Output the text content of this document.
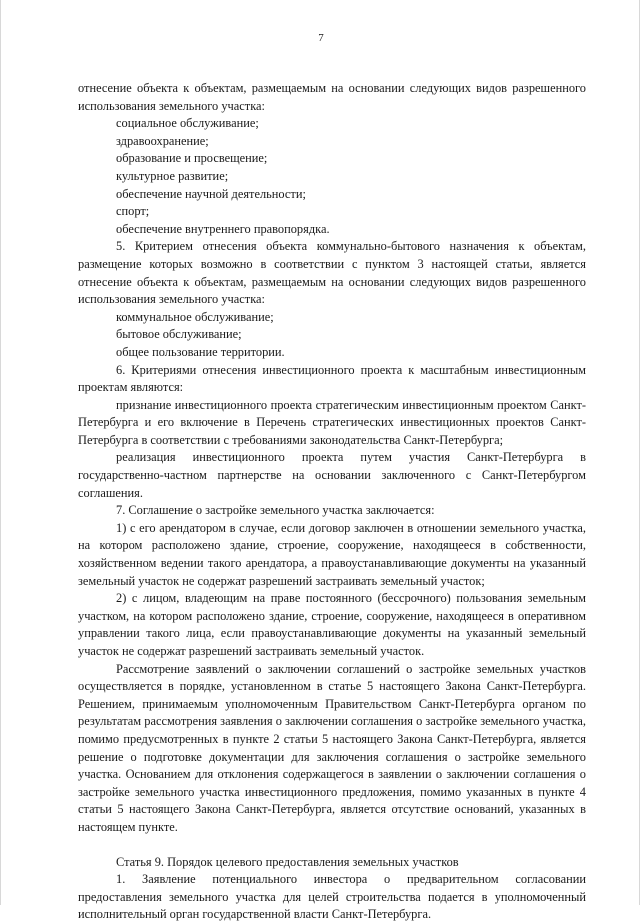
7

отнесение объекта к объектам, размещаемым на основании следующих видов разрешенного использования земельного участка:

социальное обслуживание;

здравоохранение;

образование и просвещение;

культурное развитие;

обеспечение научной деятельности;

спорт;

обеспечение внутреннего правопорядка.

5. Критерием отнесения объекта коммунально-бытового назначения к объектам, размещение которых возможно в соответствии с пунктом 3 настоящей статьи, является отнесение объекта к объектам, размещаемым на основании следующих видов разрешенного использования земельного участка:

коммунальное обслуживание;

бытовое обслуживание;

общее пользование территории.

6. Критериями отнесения инвестиционного проекта к масштабным инвестиционным проектам являются:

признание инвестиционного проекта стратегическим инвестиционным проектом Санкт-Петербурга и его включение в Перечень стратегических инвестиционных проектов Санкт-Петербурга в соответствии с требованиями законодательства Санкт-Петербурга;

реализация инвестиционного проекта путем участия Санкт-Петербурга в государственно-частном партнерстве на основании заключенного с Санкт-Петербургом соглашения.

7. Соглашение о застройке земельного участка заключается:

1) с его арендатором в случае, если договор заключен в отношении земельного участка, на котором расположено здание, строение, сооружение, находящееся в собственности, хозяйственном ведении такого арендатора, а правоустанавливающие документы на указанный земельный участок не содержат разрешений застраивать земельный участок;

2) с лицом, владеющим на праве постоянного (бессрочного) пользования земельным участком, на котором расположено здание, строение, сооружение, находящееся в оперативном управлении такого лица, если правоустанавливающие документы на указанный земельный участок не содержат разрешений застраивать земельный участок.

Рассмотрение заявлений о заключении соглашений о застройке земельных участков осуществляется в порядке, установленном в статье 5 настоящего Закона Санкт-Петербурга. Решением, принимаемым уполномоченным Правительством Санкт-Петербурга органом по результатам рассмотрения заявления о заключении соглашения о застройке земельного участка, помимо предусмотренных в пункте 2 статьи 5 настоящего Закона Санкт-Петербурга, является решение о подготовке документации для заключения соглашения о застройке земельного участка. Основанием для отклонения содержащегося в заявлении о заключении соглашения о застройке земельного участка инвестиционного предложения, помимо указанных в пункте 4 статьи 5 настоящего Закона Санкт-Петербурга, является отсутствие оснований, указанных в настоящем пункте.

Статья 9. Порядок целевого предоставления земельных участков

1. Заявление потенциального инвестора о предварительном согласовании предоставления земельного участка для целей строительства подается в уполномоченный исполнительный орган государственной власти Санкт-Петербурга.
